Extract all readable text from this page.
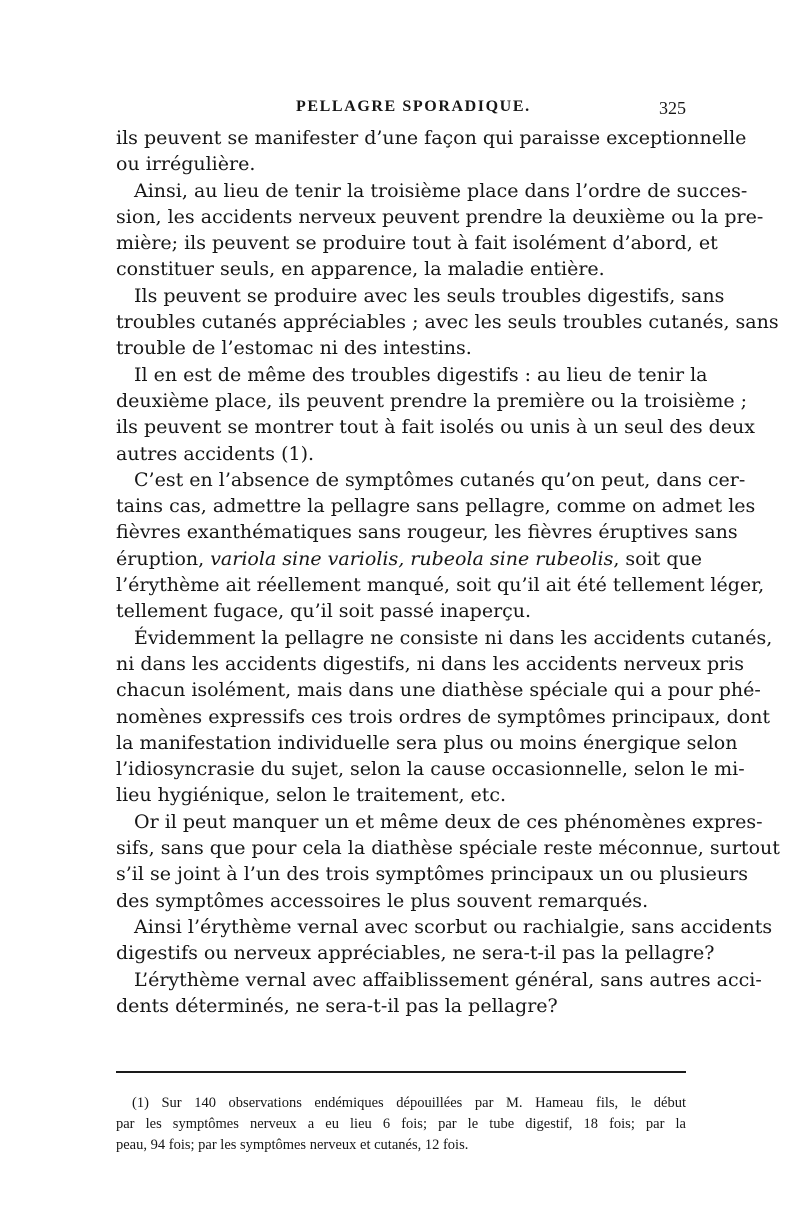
PELLAGRE SPORADIQUE.	325
ils peuvent se manifester d’une façon qui paraisse exceptionnelle
ou irrégulière.
Ainsi, au lieu de tenir la troisième place dans l’ordre de succes-
sion, les accidents nerveux peuvent prendre la deuxième ou la pre-
mière; ils peuvent se produire tout à fait isolément d’abord, et
constituer seuls, en apparence, la maladie entière.
Ils peuvent se produire avec les seuls troubles digestifs, sans
troubles cutanés appréciables ; avec les seuls troubles cutanés, sans
trouble de l’estomac ni des intestins.
Il en est de même des troubles digestifs : au lieu de tenir la
deuxième place, ils peuvent prendre la première ou la troisième ;
ils peuvent se montrer tout à fait isolés ou unis à un seul des deux
autres accidents (1).
C’est en l’absence de symptômes cutanés qu’on peut, dans cer-
tains cas, admettre la pellagre sans pellagre, comme on admet les
fièvres exanthématiques sans rougeur, les fièvres éruptives sans
éruption, variola sine variolis, rubeola sine rubeolis, soit que
l’érythème ait réellement manqué, soit qu’il ait été tellement léger,
tellement fugace, qu’il soit passé inaperçu.
Évidemment la pellagre ne consiste ni dans les accidents cutanés,
ni dans les accidents digestifs, ni dans les accidents nerveux pris
chacun isolément, mais dans une diathèse spéciale qui a pour phé-
nomènes expressifs ces trois ordres de symptômes principaux, dont
la manifestation individuelle sera plus ou moins énergique selon
l’idiosyncrasie du sujet, selon la cause occasionnelle, selon le mi-
lieu hygiénique, selon le traitement, etc.
Or il peut manquer un et même deux de ces phénomènes expres-
sifs, sans que pour cela la diathèse spéciale reste méconnue, surtout
s’il se joint à l’un des trois symptômes principaux un ou plusieurs
des symptômes accessoires le plus souvent remarqués.
Ainsi l’érythème vernal avec scorbut ou rachialgie, sans accidents
digestifs ou nerveux appréciables, ne sera-t-il pas la pellagre?
L’érythème vernal avec affaiblissement général, sans autres acci-
dents déterminés, ne sera-t-il pas la pellagre?
(1) Sur 140 observations endémiques dépouillées par M. Hameau fils, le début
par les symptômes nerveux a eu lieu 6 fois; par le tube digestif, 18 fois; par la
peau, 94 fois; par les symptômes nerveux et cutanés, 12 fois.
